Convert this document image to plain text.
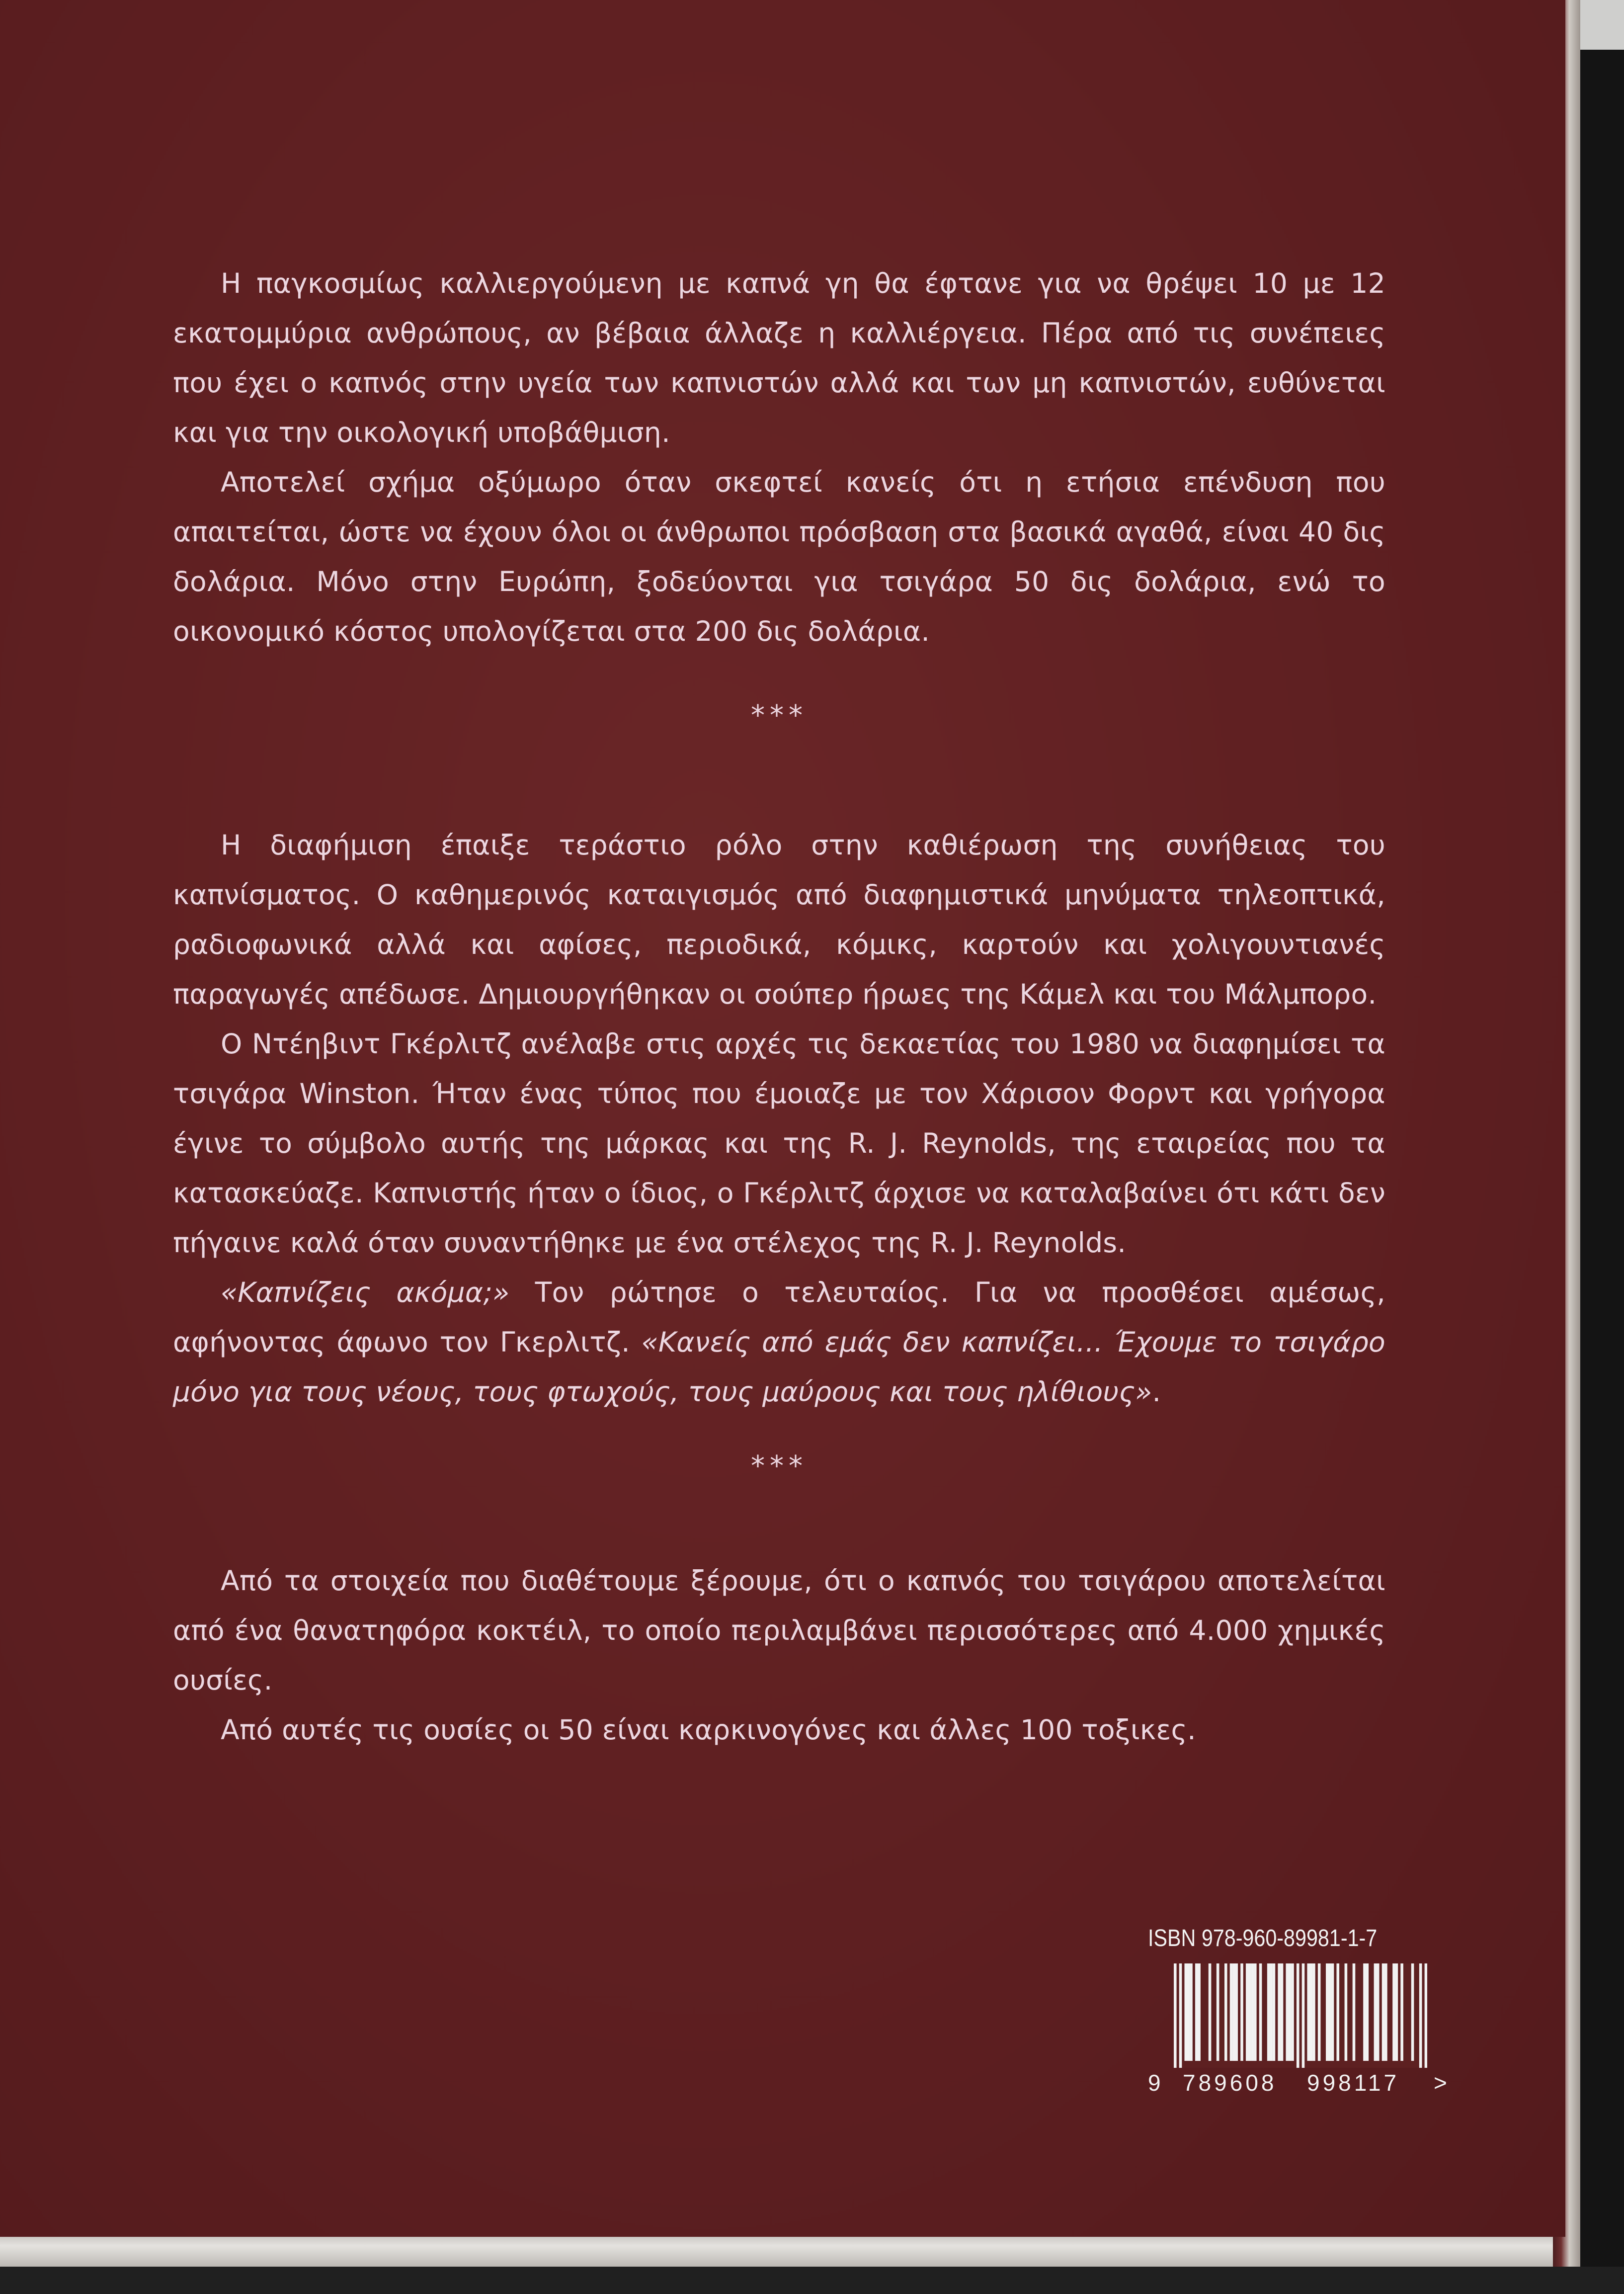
Η παγκοσμίως καλλιεργούμενη με καπνά γη θα έφτανε για να θρέψει 10 με 12 εκατομμύρια ανθρώπους, αν βέβαια άλλαζε η καλλιέργεια. Πέρα από τις συνέπειες που έχει ο καπνός στην υγεία των καπνιστών αλλά και των μη καπνιστών, ευθύνεται και για την οικολογική υποβάθμιση.

Αποτελεί σχήμα οξύμωρο όταν σκεφτεί κανείς ότι η ετήσια επένδυση που απαιτείται, ώστε να έχουν όλοι οι άνθρωποι πρόσβαση στα βασικά αγαθά, είναι 40 δις δολάρια. Μόνο στην Ευρώπη, ξοδεύονται για τσιγάρα 50 δις δολάρια, ενώ το οικονομικό κόστος υπολογίζεται στα 200 δις δολάρια.

***

Η διαφήμιση έπαιξε τεράστιο ρόλο στην καθιέρωση της συνήθειας του καπνίσματος. Ο καθημερινός καταιγισμός από διαφημιστικά μηνύματα τηλεοπτικά, ραδιοφωνικά αλλά και αφίσες, περιοδικά, κόμικς, καρτούν και χολιγουντιανές παραγωγές απέδωσε. Δημιουργήθηκαν οι σούπερ ήρωες της Κάμελ και του Μάλμπορο.

Ο Ντέηβιντ Γκέρλιτζ ανέλαβε στις αρχές τις δεκαετίας του 1980 να διαφημίσει τα τσιγάρα Winston. Ήταν ένας τύπος που έμοιαζε με τον Χάρισον Φορντ και γρήγορα έγινε το σύμβολο αυτής της μάρκας και της R. J. Reynolds, της εταιρείας που τα κατασκεύαζε. Καπνιστής ήταν ο ίδιος, ο Γκέρλιτζ άρχισε να καταλαβαίνει ότι κάτι δεν πήγαινε καλά όταν συναντήθηκε με ένα στέλεχος της R. J. Reynolds.

«Καπνίζεις ακόμα;» Τον ρώτησε ο τελευταίος. Για να προσθέσει αμέσως, αφήνοντας άφωνο τον Γκερλιτζ. «Κανείς από εμάς δεν καπνίζει... Έχουμε το τσιγάρο μόνο για τους νέους, τους φτωχούς, τους μαύρους και τους ηλίθιους».

***

Από τα στοιχεία που διαθέτουμε ξέρουμε, ότι ο καπνός του τσιγάρου αποτελείται από ένα θανατηφόρα κοκτέιλ, το οποίο περιλαμβάνει περισσότερες από 4.000 χημικές ουσίες.

Από αυτές τις ουσίες οι 50 είναι καρκινογόνες και άλλες 100 τοξικες.

ISBN 978-960-89981-1-7
9 789608 998117 >
